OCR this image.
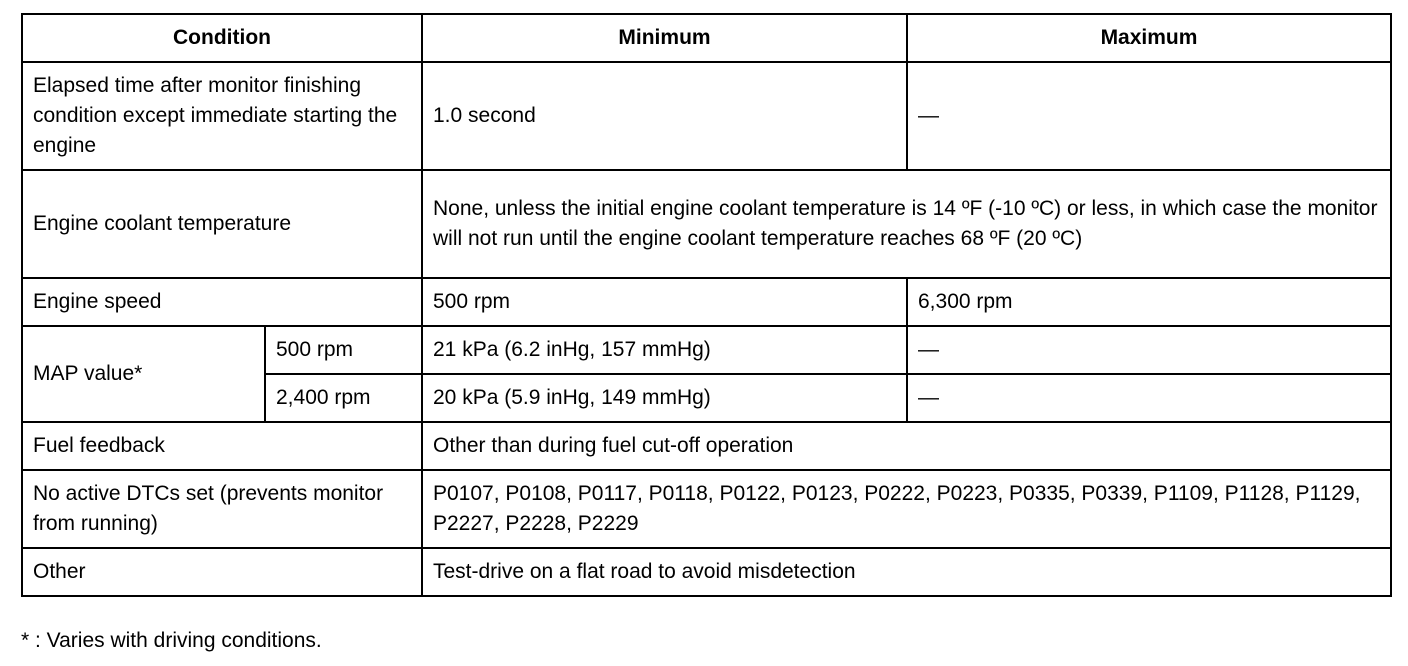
Condition		Minimum	Maximum
Elapsed time after monitor finishing condition except immediate starting the engine		1.0 second	—
Engine coolant temperature		None, unless the initial engine coolant temperature is 14 ºF (-10 ºC) or less, in which case the monitor will not run until the engine coolant temperature reaches 68 ºF (20 ºC)	
Engine speed		500 rpm	6,300 rpm
MAP value*	500 rpm	21 kPa (6.2 inHg, 157 mmHg)	—
	2,400 rpm	20 kPa (5.9 inHg, 149 mmHg)	—
Fuel feedback		Other than during fuel cut-off operation	
No active DTCs set (prevents monitor from running)		P0107, P0108, P0117, P0118, P0122, P0123, P0222, P0223, P0335, P0339, P1109, P1128, P1129, P2227, P2228, P2229	
Other		Test-drive on a flat road to avoid misdetection	
* : Varies with driving conditions.
